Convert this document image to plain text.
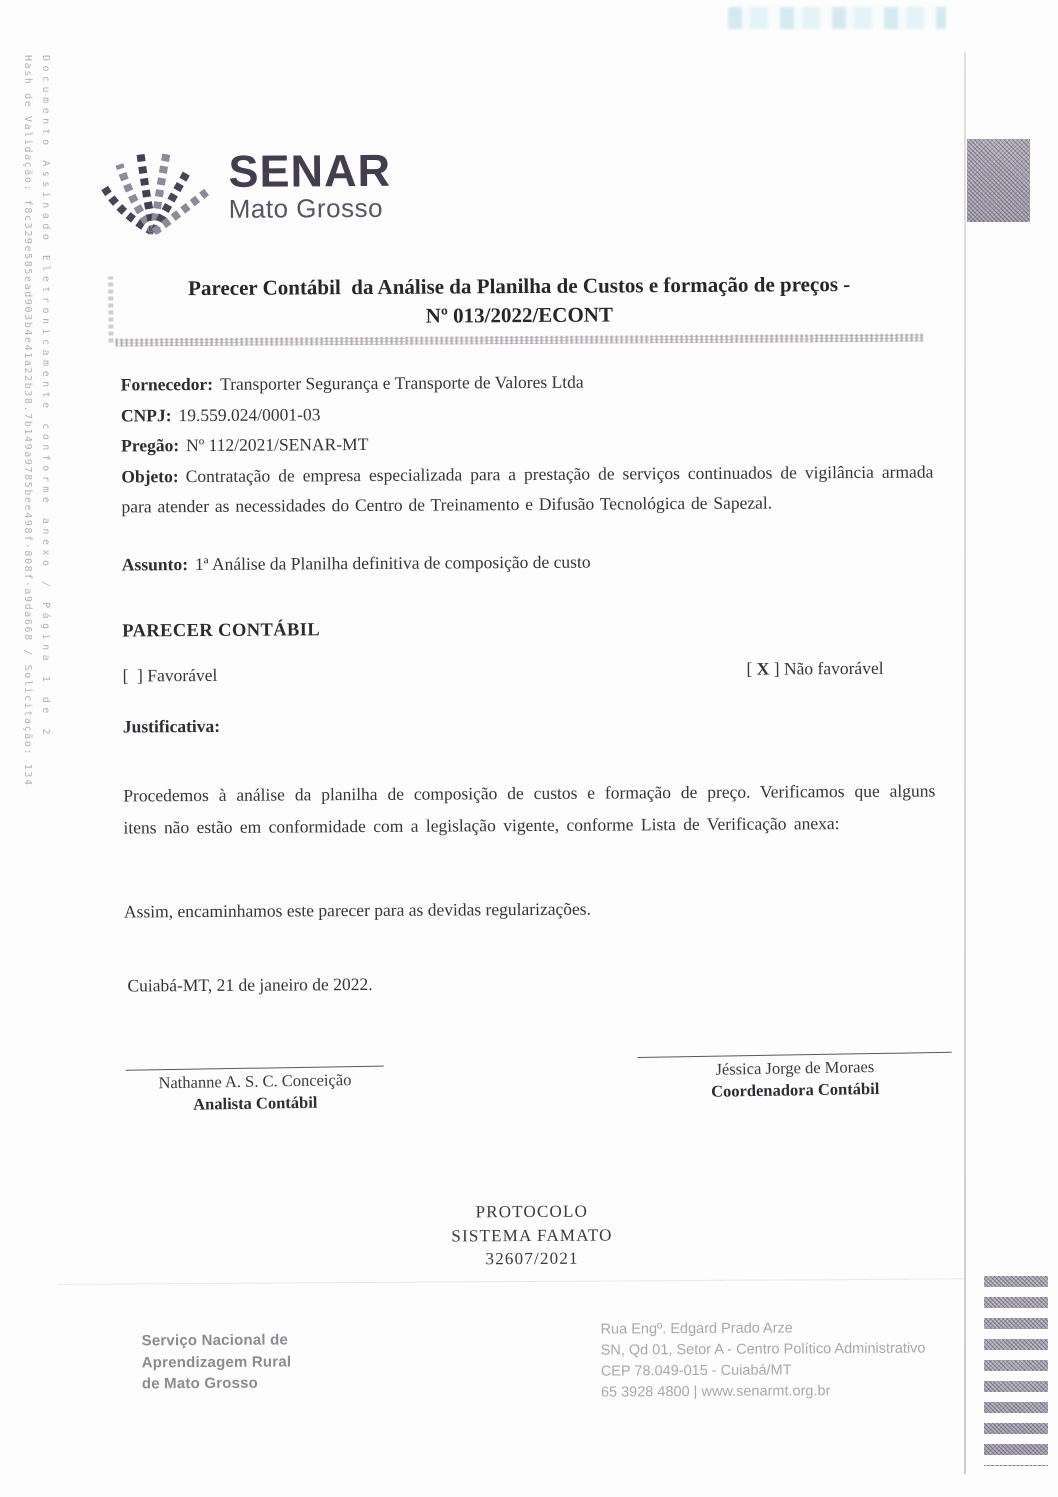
Documento Assinado Eletronicamente conforme anexo / Página 1 de 2
Hash de Validação: f8c329e585ead903b4e41a22b38.7b149a9785bee498f-808f-a9da668 / Solicitação: 134	SENAR
Mato Grosso
Parecer Contábil  da Análise da Planilha de Custos e formação de preços -
Nº 013/2022/ECONT

Fornecedor: Transporter Segurança e Transporte de Valores Ltda

CNPJ: 19.559.024/0001-03

Pregão: Nº 112/2021/SENAR-MT

Objeto: Contratação de empresa especializada para a prestação de serviços continuados de vigilância armada para atender as necessidades do Centro de Treinamento e Difusão Tecnológica de Sapezal.

Assunto: 1ª Análise da Planilha definitiva de composição de custo

PARECER CONTÁBIL

[  ] Favorável	[ X ] Não favorável

Justificativa:

Procedemos à análise da planilha de composição de custos e formação de preço. Verificamos que alguns itens não estão em conformidade com a legislação vigente, conforme Lista de Verificação anexa:

Assim, encaminhamos este parecer para as devidas regularizações.

Cuiabá-MT, 21 de janeiro de 2022.

Nathanne A. S. C. Conceição
Analista Contábil
Jéssica Jorge de Moraes
Coordenadora Contábil
PROTOCOLO
SISTEMA FAMATO
32607/2021

Serviço Nacional de
Aprendizagem Rural
de Mato Grosso

Rua Engº. Edgard Prado Arze
SN, Qd 01, Setor A - Centro Político Administrativo
CEP 78.049-015 - Cuiabá/MT
65 3928 4800 | www.senarmt.org.br
